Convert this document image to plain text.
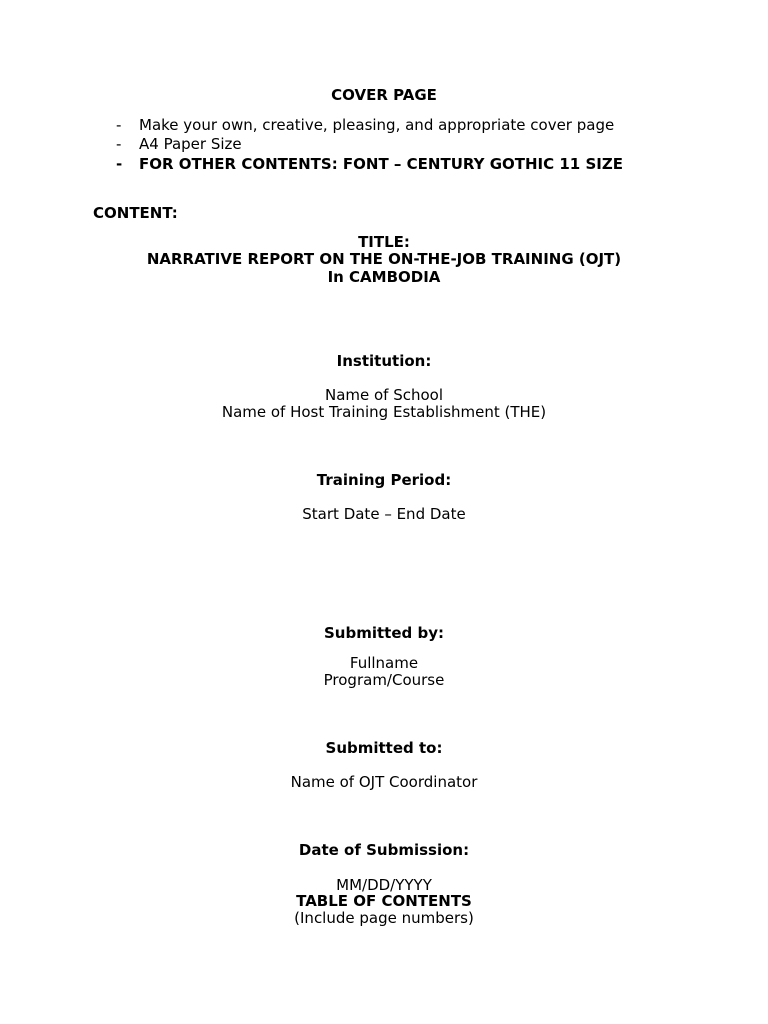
COVER PAGE
- Make your own, creative, pleasing, and appropriate cover page
- A4 Paper Size
- FOR OTHER CONTENTS: FONT – CENTURY GOTHIC 11 SIZE
CONTENT:
TITLE:
NARRATIVE REPORT ON THE ON-THE-JOB TRAINING (OJT)
In CAMBODIA
Institution:
Name of School
Name of Host Training Establishment (THE)
Training Period:
Start Date – End Date
Submitted by:
Fullname
Program/Course
Submitted to:
Name of OJT Coordinator
Date of Submission:
MM/DD/YYYY
TABLE OF CONTENTS
(Include page numbers)
